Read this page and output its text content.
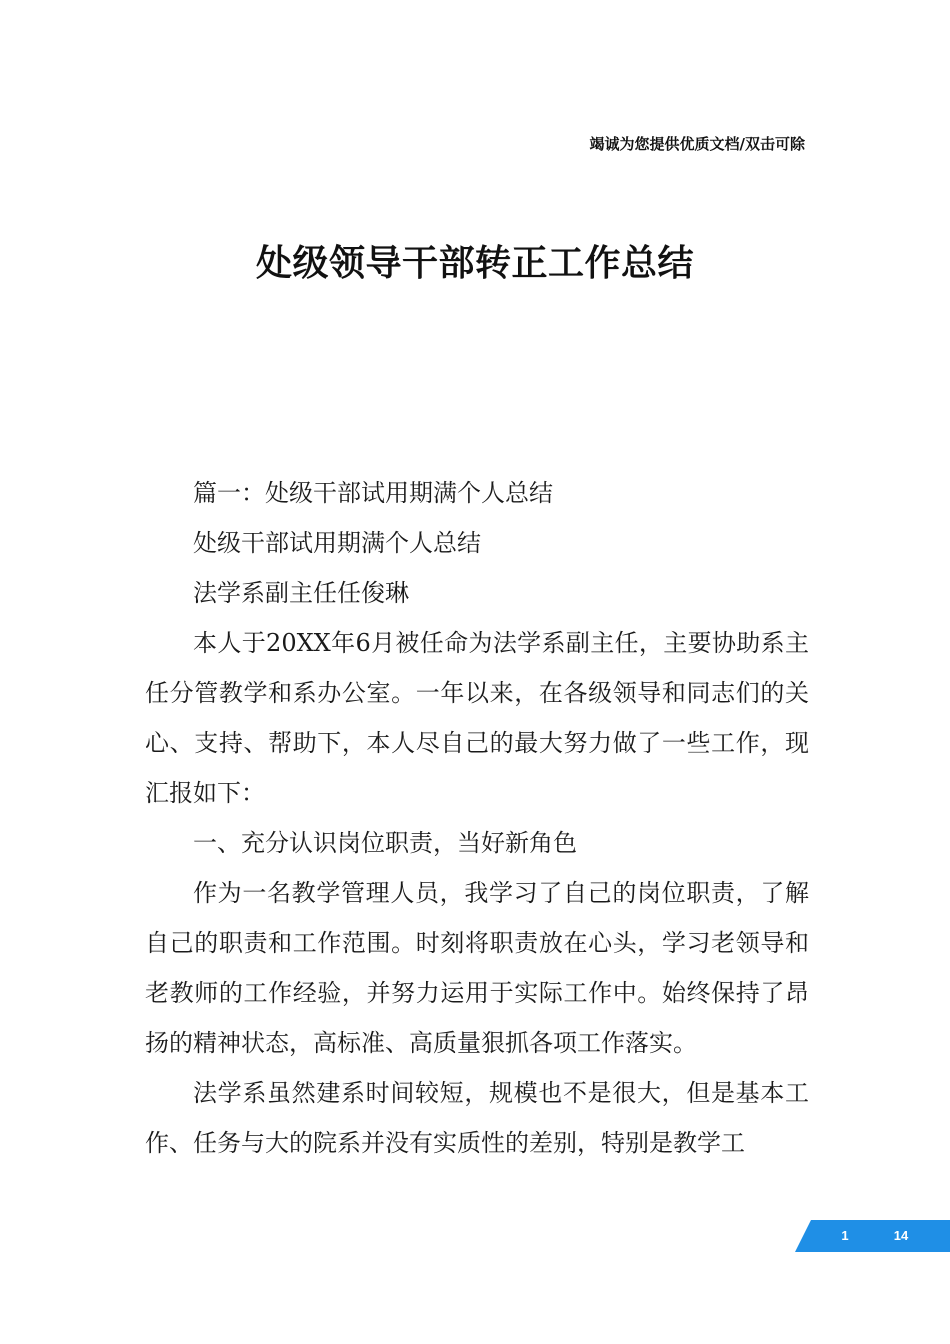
竭诚为您提供优质文档/双击可除
处级领导干部转正工作总结

篇一：处级干部试用期满个人总结

处级干部试用期满个人总结

法学系副主任任俊琳

本人于20XX年6月被任命为法学系副主任，主要协助系主任分管教学和系办公室。一年以来，在各级领导和同志们的关心、支持、帮助下，本人尽自己的最大努力做了一些工作，现汇报如下：

一、充分认识岗位职责，当好新角色

作为一名教学管理人员，我学习了自己的岗位职责，了解自己的职责和工作范围。时刻将职责放在心头，学习老领导和老教师的工作经验，并努力运用于实际工作中。始终保持了昂扬的精神状态，高标准、高质量狠抓各项工作落实。

法学系虽然建系时间较短，规模也不是很大，但是基本工作、任务与大的院系并没有实质性的差别，特别是教学工

1	14
